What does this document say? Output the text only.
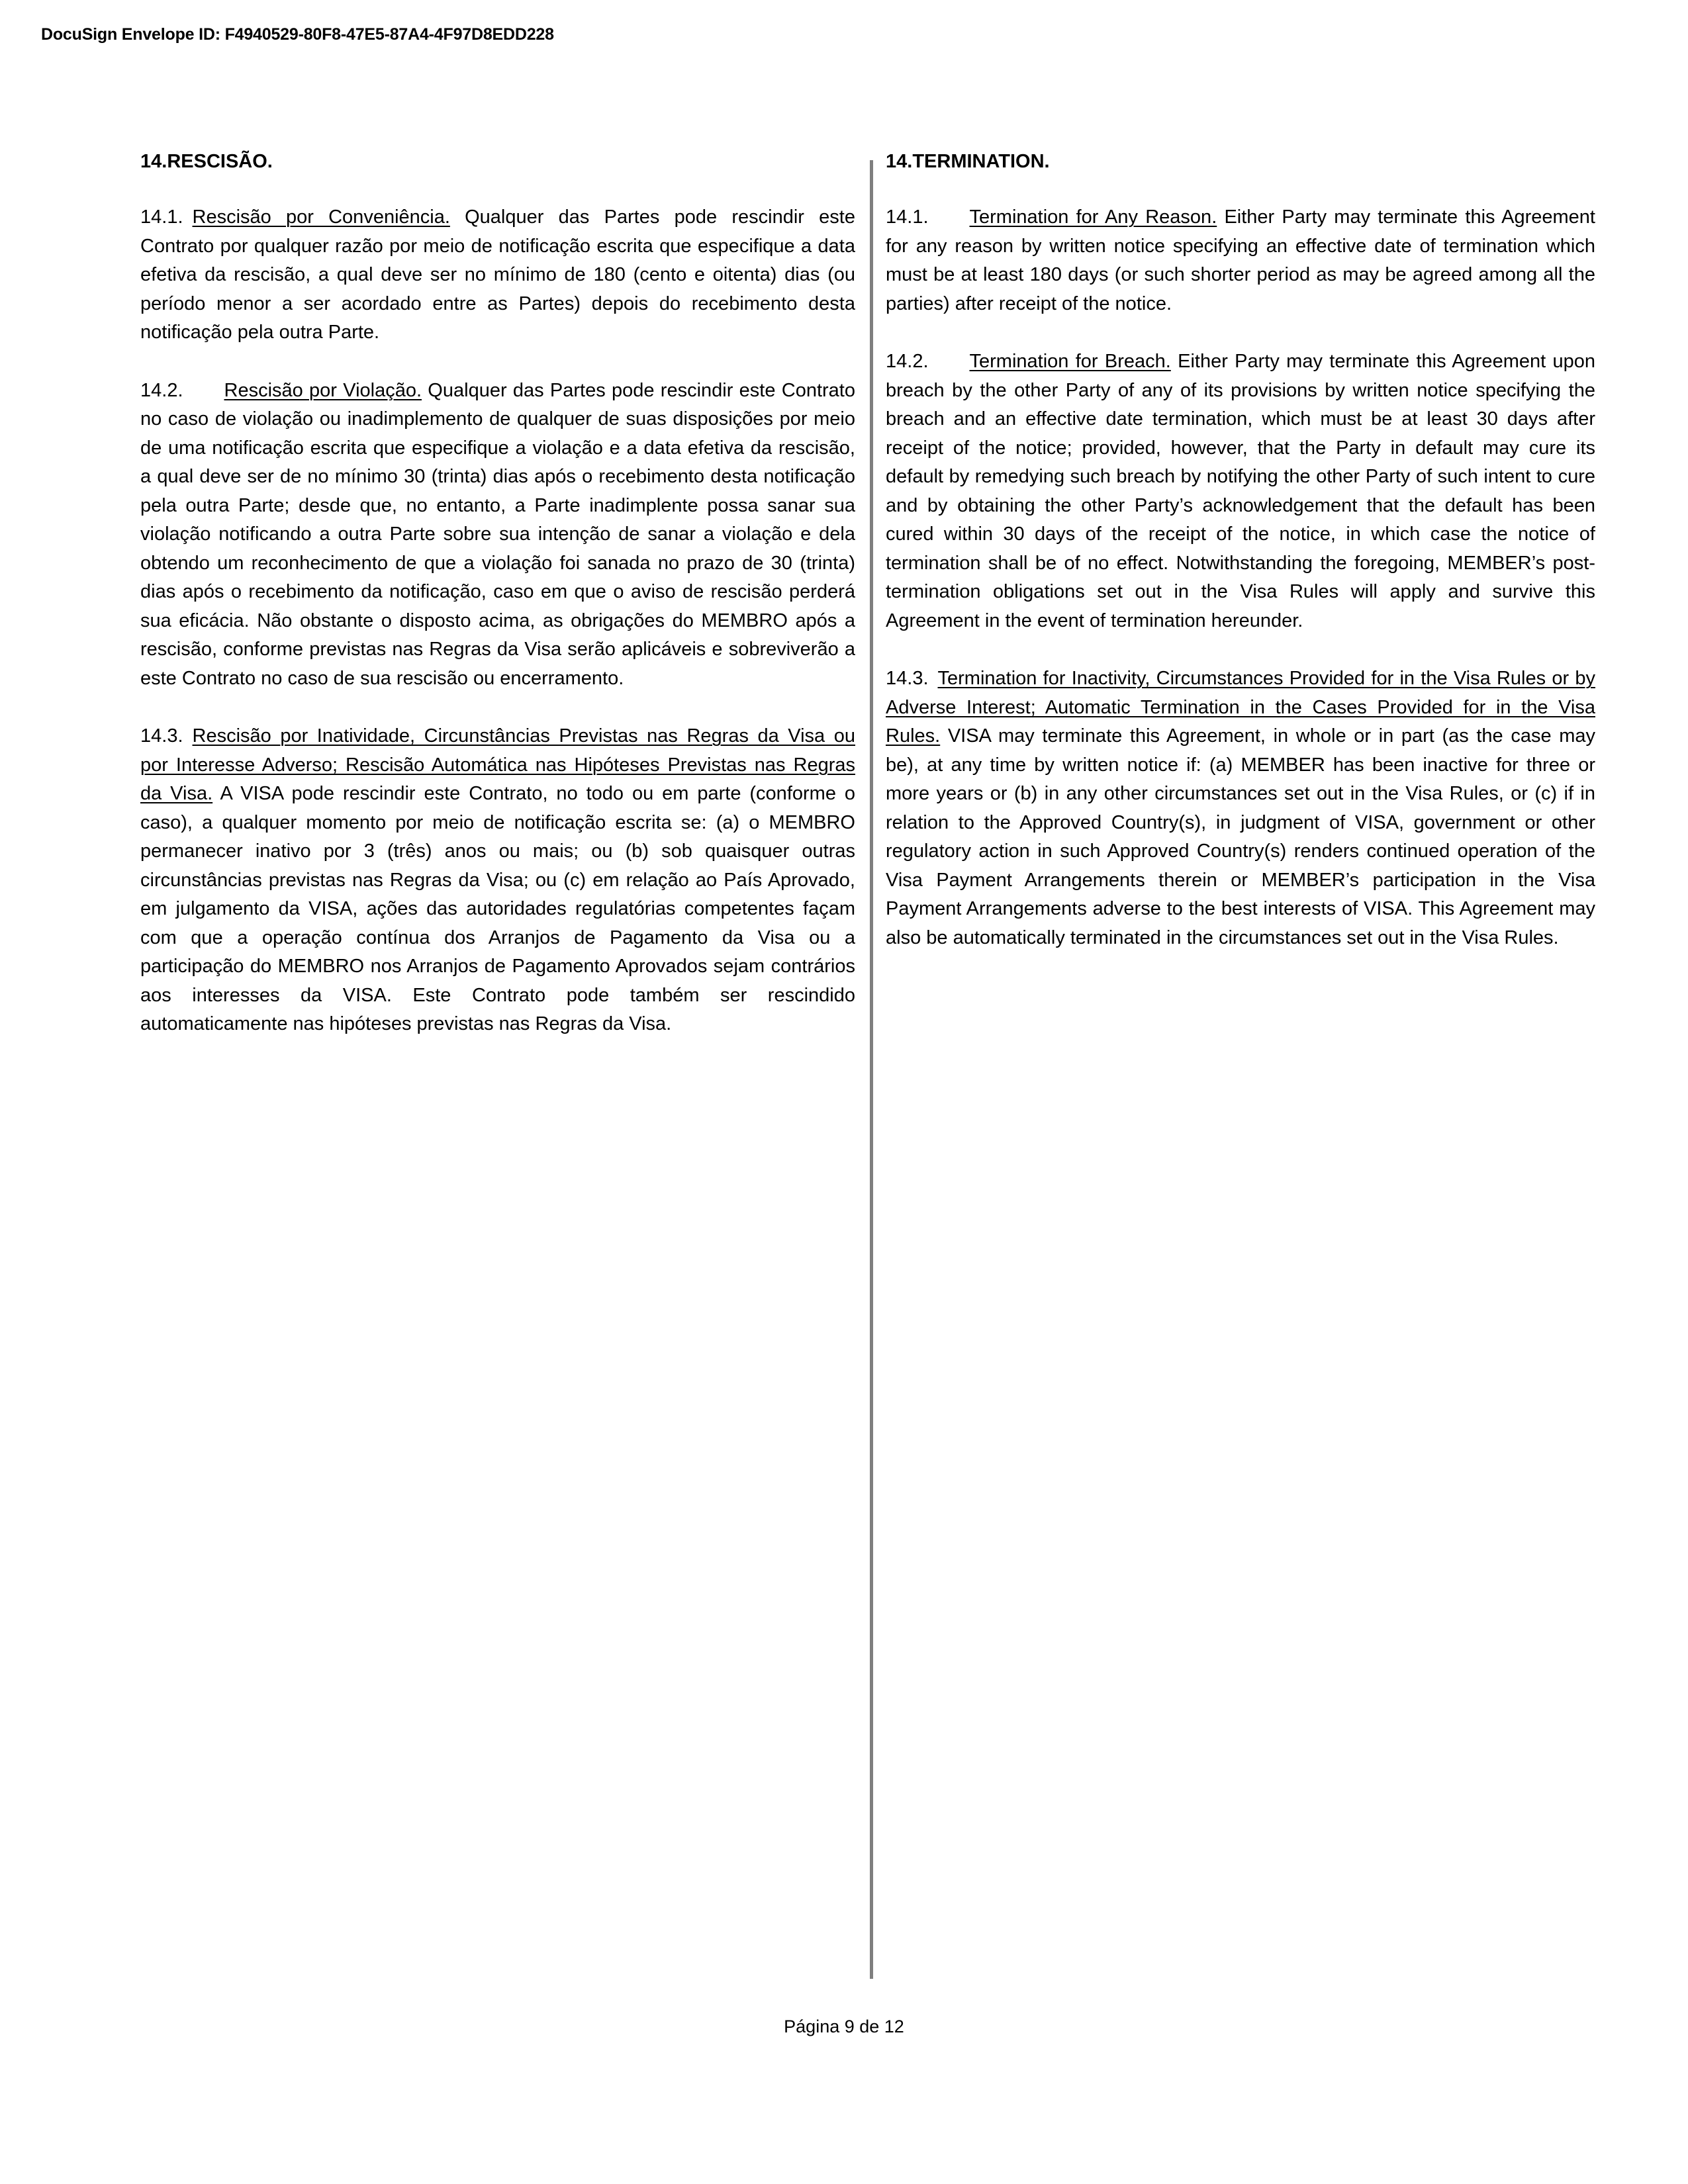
DocuSign Envelope ID: F4940529-80F8-47E5-87A4-4F97D8EDD228
14.RESCISÃO.

14.1. Rescisão por Conveniência. Qualquer das Partes pode rescindir este Contrato por qualquer razão por meio de notificação escrita que especifique a data efetiva da rescisão, a qual deve ser no mínimo de 180 (cento e oitenta) dias (ou período menor a ser acordado entre as Partes) depois do recebimento desta notificação pela outra Parte.

14.2. Rescisão por Violação. Qualquer das Partes pode rescindir este Contrato no caso de violação ou inadimplemento de qualquer de suas disposições por meio de uma notificação escrita que especifique a violação e a data efetiva da rescisão, a qual deve ser de no mínimo 30 (trinta) dias após o recebimento desta notificação pela outra Parte; desde que, no entanto, a Parte inadimplente possa sanar sua violação notificando a outra Parte sobre sua intenção de sanar a violação e dela obtendo um reconhecimento de que a violação foi sanada no prazo de 30 (trinta) dias após o recebimento da notificação, caso em que o aviso de rescisão perderá sua eficácia. Não obstante o disposto acima, as obrigações do MEMBRO após a rescisão, conforme previstas nas Regras da Visa serão aplicáveis e sobreviverão a este Contrato no caso de sua rescisão ou encerramento.

14.3. Rescisão por Inatividade, Circunstâncias Previstas nas Regras da Visa ou por Interesse Adverso; Rescisão Automática nas Hipóteses Previstas nas Regras da Visa. A VISA pode rescindir este Contrato, no todo ou em parte (conforme o caso), a qualquer momento por meio de notificação escrita se: (a) o MEMBRO permanecer inativo por 3 (três) anos ou mais; ou (b) sob quaisquer outras circunstâncias previstas nas Regras da Visa; ou (c) em relação ao País Aprovado, em julgamento da VISA, ações das autoridades regulatórias competentes façam com que a operação contínua dos Arranjos de Pagamento da Visa ou a participação do MEMBRO nos Arranjos de Pagamento Aprovados sejam contrários aos interesses da VISA. Este Contrato pode também ser rescindido automaticamente nas hipóteses previstas nas Regras da Visa.

14.TERMINATION.

14.1. Termination for Any Reason. Either Party may terminate this Agreement for any reason by written notice specifying an effective date of termination which must be at least 180 days (or such shorter period as may be agreed among all the parties) after receipt of the notice.

14.2. Termination for Breach. Either Party may terminate this Agreement upon breach by the other Party of any of its provisions by written notice specifying the breach and an effective date termination, which must be at least 30 days after receipt of the notice; provided, however, that the Party in default may cure its default by remedying such breach by notifying the other Party of such intent to cure and by obtaining the other Party’s acknowledgement that the default has been cured within 30 days of the receipt of the notice, in which case the notice of termination shall be of no effect. Notwithstanding the foregoing, MEMBER’s post-termination obligations set out in the Visa Rules will apply and survive this Agreement in the event of termination hereunder.

14.3. Termination for Inactivity, Circumstances Provided for in the Visa Rules or by Adverse Interest; Automatic Termination in the Cases Provided for in the Visa Rules. VISA may terminate this Agreement, in whole or in part (as the case may be), at any time by written notice if: (a) MEMBER has been inactive for three or more years or (b) in any other circumstances set out in the Visa Rules, or (c) if in relation to the Approved Country(s), in judgment of VISA, government or other regulatory action in such Approved Country(s) renders continued operation of the Visa Payment Arrangements therein or MEMBER’s participation in the Visa Payment Arrangements adverse to the best interests of VISA. This Agreement may also be automatically terminated in the circumstances set out in the Visa Rules.

Página 9 de 12
